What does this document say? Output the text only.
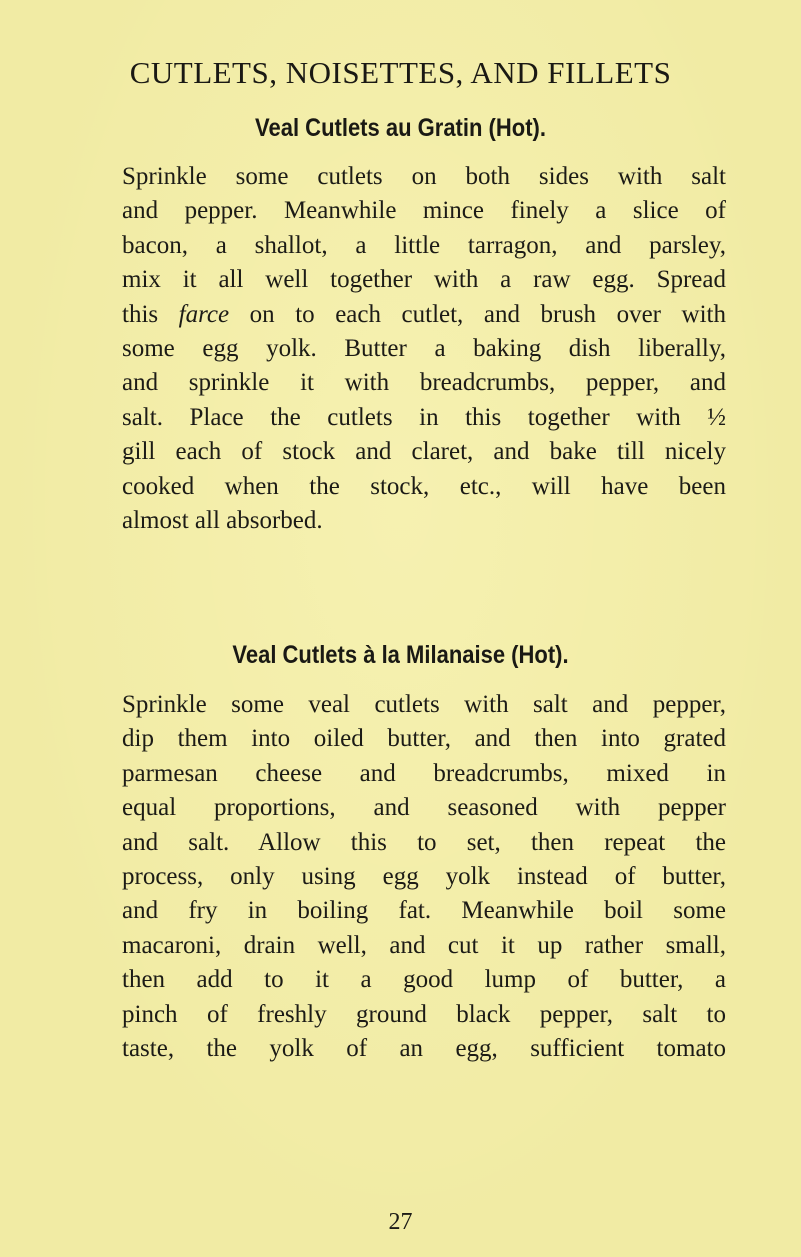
CUTLETS, NOISETTES, AND FILLETS
Veal Cutlets au Gratin (Hot).
Sprinkle some cutlets on both sides with salt
and pepper. Meanwhile mince finely a slice of
bacon, a shallot, a little tarragon, and parsley,
mix it all well together with a raw egg. Spread
this farce on to each cutlet, and brush over with
some egg yolk. Butter a baking dish liberally,
and sprinkle it with breadcrumbs, pepper, and
salt. Place the cutlets in this together with ½
gill each of stock and claret, and bake till nicely
cooked when the stock, etc., will have been
almost all absorbed.
Veal Cutlets à la Milanaise (Hot).
Sprinkle some veal cutlets with salt and pepper,
dip them into oiled butter, and then into grated
parmesan cheese and breadcrumbs, mixed in
equal proportions, and seasoned with pepper
and salt. Allow this to set, then repeat the
process, only using egg yolk instead of butter,
and fry in boiling fat. Meanwhile boil some
macaroni, drain well, and cut it up rather small,
then add to it a good lump of butter, a
pinch of freshly ground black pepper, salt to
taste, the yolk of an egg, sufficient tomato
27
